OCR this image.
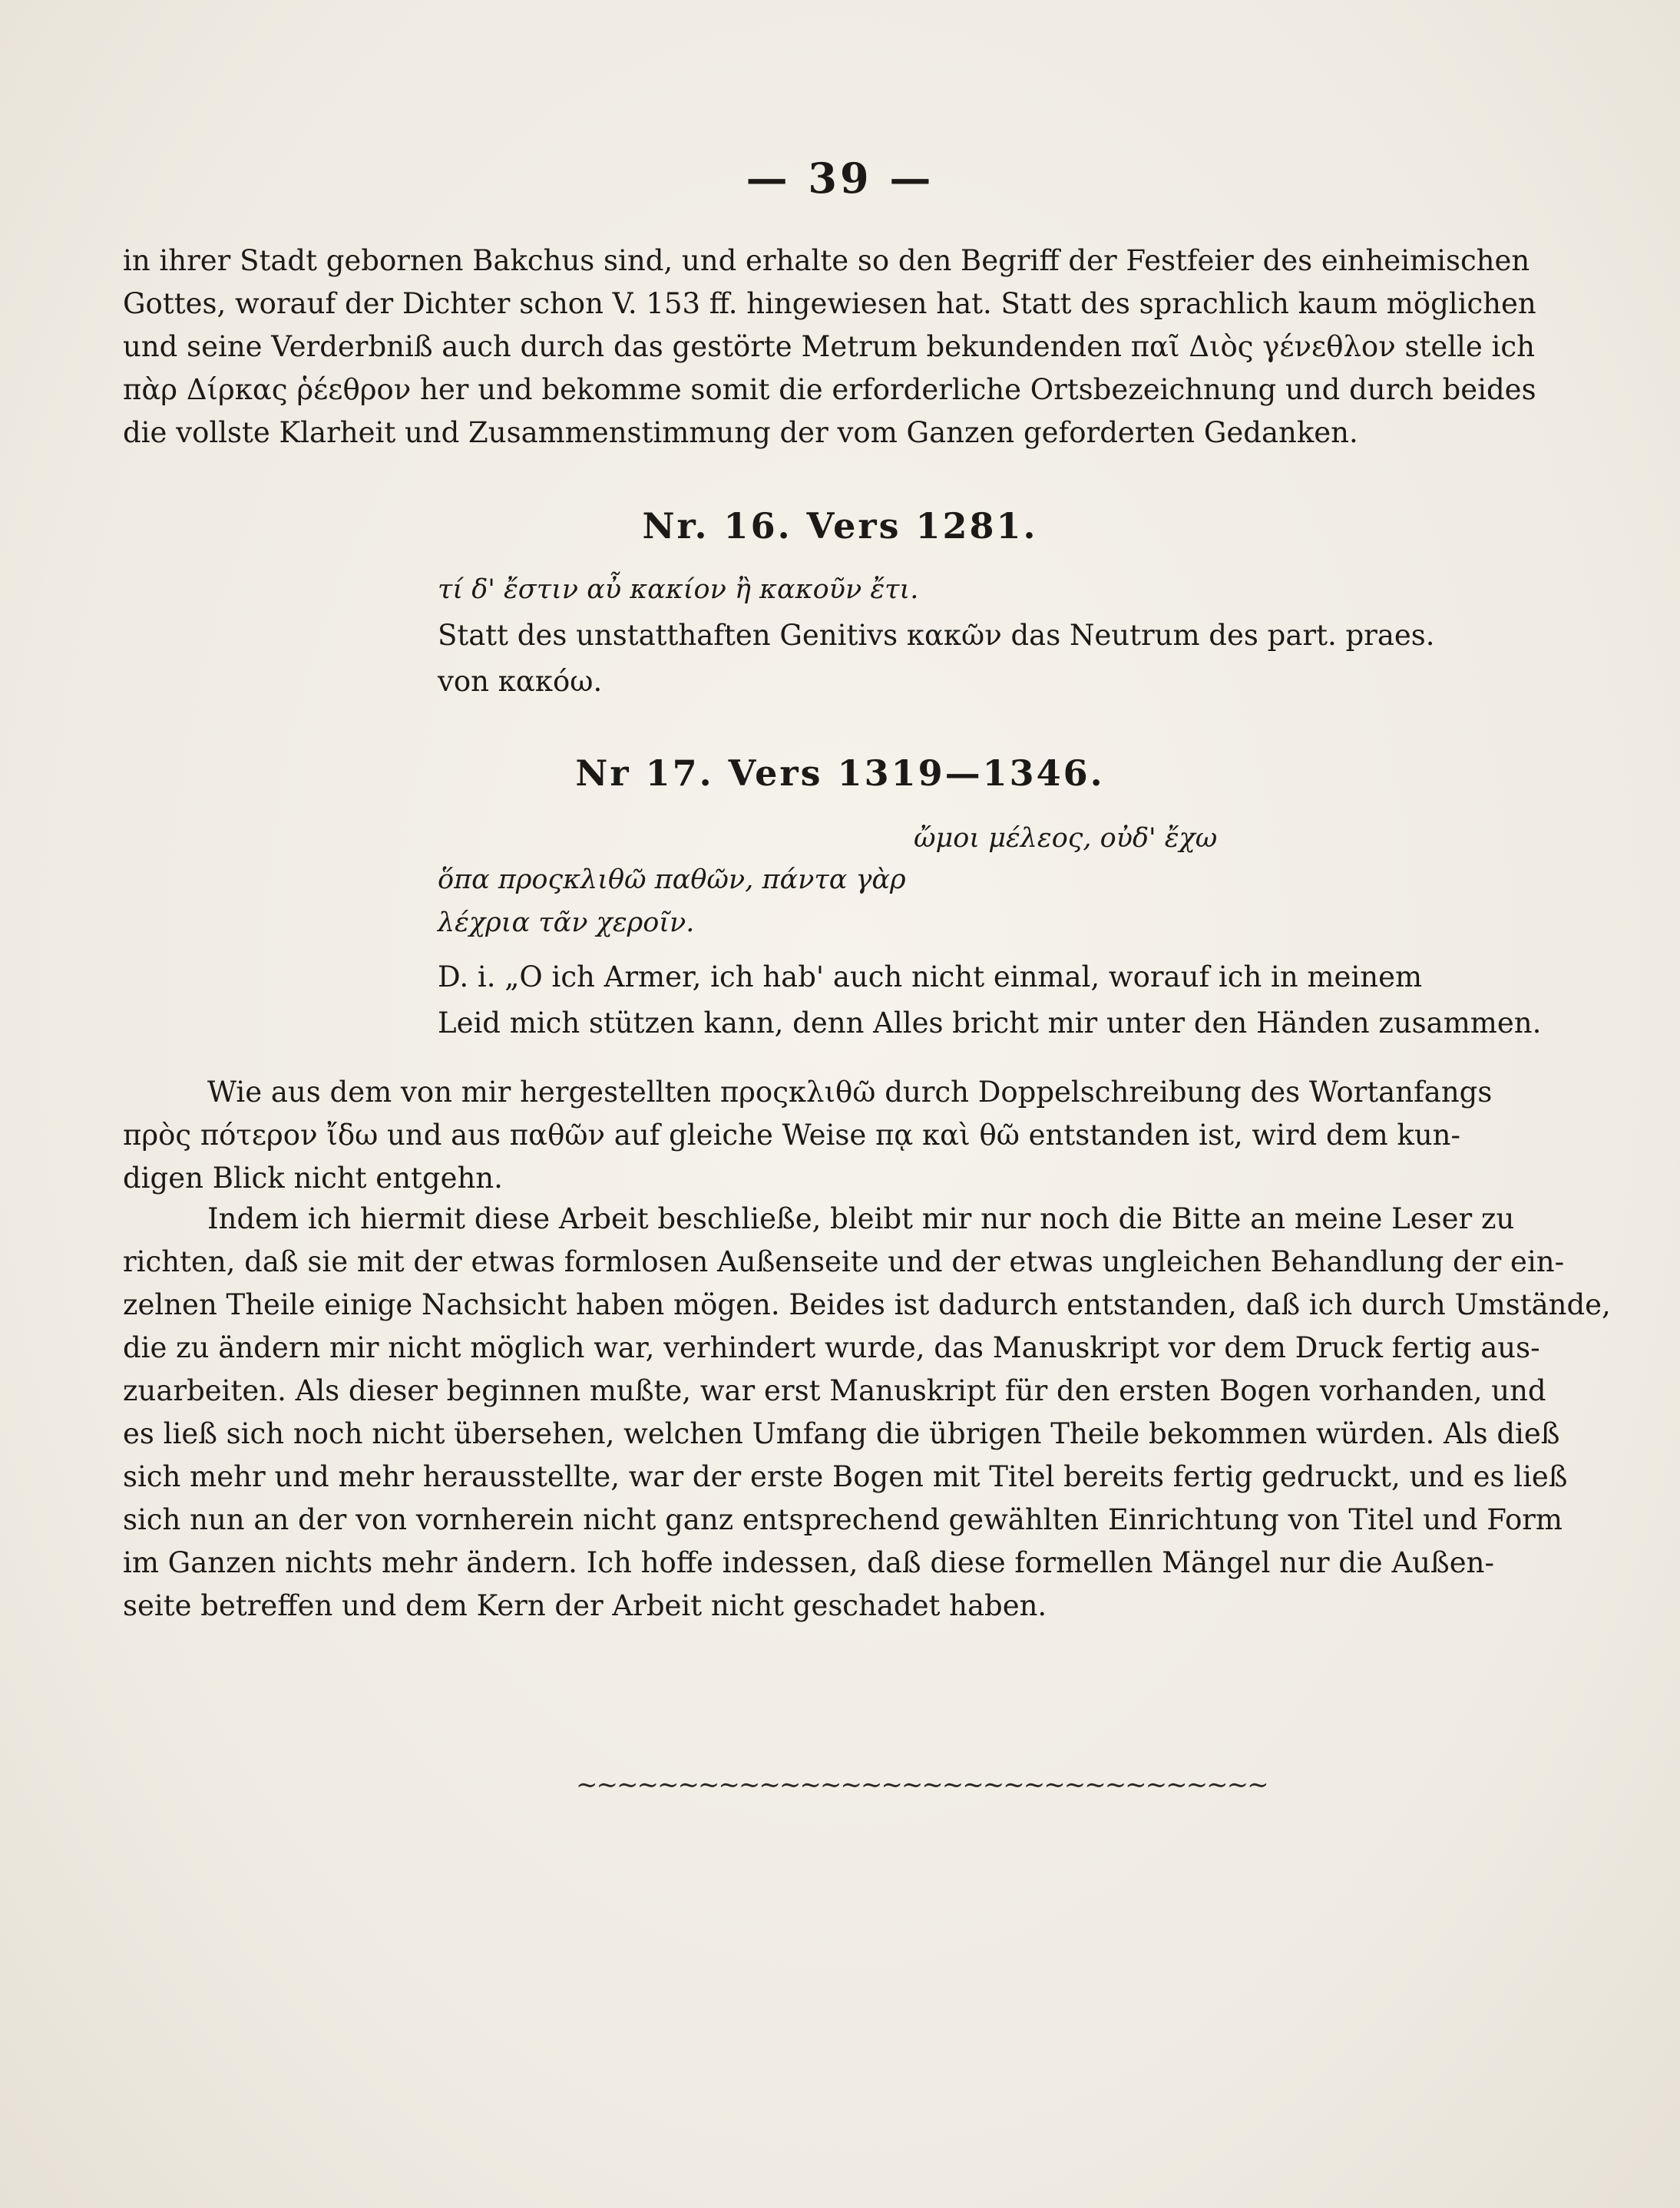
— 39 —
in ihrer Stadt gebornen Bakchus sind, und erhalte so den Begriff der Festfeier des einheimischen
Gottes, worauf der Dichter schon V. 153 ff. hingewiesen hat. Statt des sprachlich kaum möglichen
und seine Verderbniß auch durch das gestörte Metrum bekundenden παῖ Διὸς γένεθλον stelle ich
πὰρ Δίρκας ῥέεθρον her und bekomme somit die erforderliche Ortsbezeichnung und durch beides
die vollste Klarheit und Zusammenstimmung der vom Ganzen geforderten Gedanken.
Nr. 16. Vers 1281.
τί δ' ἔστιν αὖ κακίον ἢ κακοῦν ἔτι.
Statt des unstatthaften Genitivs κακῶν das Neutrum des part. praes.
von κακόω.
Nr 17. Vers 1319—1346.
ὤμοι μέλεος, οὐδ' ἔχω
ὅπα προςκλιθῶ παθῶν, πάντα γὰρ
λέχρια τᾶν χεροῖν.
D. i. „O ich Armer, ich hab' auch nicht einmal, worauf ich in meinem
Leid mich stützen kann, denn Alles bricht mir unter den Händen zusammen.
Wie aus dem von mir hergestellten προςκλιθῶ durch Doppelschreibung des Wortanfangs
πρὸς πότερον ἴδω und aus παθῶν auf gleiche Weise πᾳ καὶ θῶ entstanden ist, wird dem kun-
digen Blick nicht entgehn.
Indem ich hiermit diese Arbeit beschließe, bleibt mir nur noch die Bitte an meine Leser zu
richten, daß sie mit der etwas formlosen Außenseite und der etwas ungleichen Behandlung der ein-
zelnen Theile einige Nachsicht haben mögen. Beides ist dadurch entstanden, daß ich durch Umstände,
die zu ändern mir nicht möglich war, verhindert wurde, das Manuskript vor dem Druck fertig aus-
zuarbeiten. Als dieser beginnen mußte, war erst Manuskript für den ersten Bogen vorhanden, und
es ließ sich noch nicht übersehen, welchen Umfang die übrigen Theile bekommen würden. Als dieß
sich mehr und mehr herausstellte, war der erste Bogen mit Titel bereits fertig gedruckt, und es ließ
sich nun an der von vornherein nicht ganz entsprechend gewählten Einrichtung von Titel und Form
im Ganzen nichts mehr ändern. Ich hoffe indessen, daß diese formellen Mängel nur die Außen-
seite betreffen und dem Kern der Arbeit nicht geschadet haben.
∼∼∼∼∼∼∼∼∼∼∼∼∼∼∼∼∼∼∼∼∼∼∼∼∼∼∼∼∼∼∼∼∼∼
